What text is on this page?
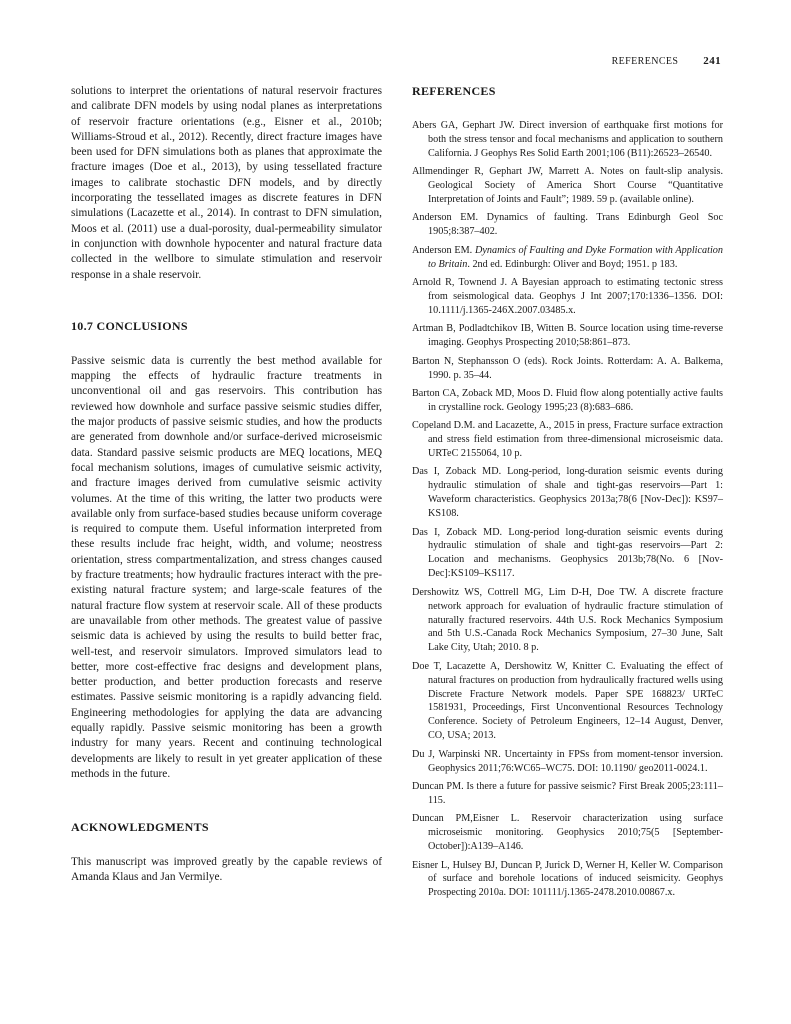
REFERENCES 241

solutions to interpret the orientations of natural reservoir fractures and calibrate DFN models by using nodal planes as interpretations of reservoir fracture orientations (e.g., Eisner et al., 2010b; Williams-Stroud et al., 2012). Recently, direct fracture images have been used for DFN simulations both as planes that approximate the fracture images (Doe et al., 2013), by using tessellated fracture images to calibrate stochastic DFN models, and by directly incorporating the tessellated images as discrete features in DFN simulations (Lacazette et al., 2014). In contrast to DFN simulation, Moos et al. (2011) use a dual-porosity, dual-permeability simulator in conjunction with downhole hypocenter and natural fracture data collected in the wellbore to simulate stimulation and reservoir response in a shale reservoir.

10.7 CONCLUSIONS

Passive seismic data is currently the best method available for mapping the effects of hydraulic fracture treatments in unconventional oil and gas reservoirs. This contribution has reviewed how downhole and surface passive seismic studies differ, the major products of passive seismic studies, and how the products are generated from downhole and/or surface-derived microseismic data. Standard passive seismic products are MEQ locations, MEQ focal mechanism solutions, images of cumulative seismic activity, and fracture images derived from cumulative seismic activity volumes. At the time of this writing, the latter two products were available only from surface-based studies because uniform coverage is required to compute them. Useful information interpreted from these results include frac height, width, and volume; neostress orientation, stress compartmentalization, and stress changes caused by fracture treatments; how hydraulic fractures interact with the pre-existing natural fracture system; and large-scale features of the natural fracture flow system at reservoir scale. All of these products are unavailable from other methods. The greatest value of passive seismic data is achieved by using the results to build better frac, well-test, and reservoir simulators. Improved simulators lead to better, more cost-effective frac designs and development plans, better production, and better production forecasts and reserve estimates. Passive seismic monitoring is a rapidly advancing field. Engineering methodologies for applying the data are advancing equally rapidly. Passive seismic monitoring has been a growth industry for many years. Recent and continuing technological developments are likely to result in yet greater application of these methods in the future.

ACKNOWLEDGMENTS

This manuscript was improved greatly by the capable reviews of Amanda Klaus and Jan Vermilye.

REFERENCES
Abers GA, Gephart JW. Direct inversion of earthquake first motions for both the stress tensor and focal mechanisms and application to southern California. J Geophys Res Solid Earth 2001;106 (B11):26523–26540.
Allmendinger R, Gephart JW, Marrett A. Notes on fault-slip analysis. Geological Society of America Short Course “Quantitative Interpretation of Joints and Fault”; 1989. 59 p. (available online).
Anderson EM. Dynamics of faulting. Trans Edinburgh Geol Soc 1905;8:387–402.
Anderson EM. Dynamics of Faulting and Dyke Formation with Application to Britain. 2nd ed. Edinburgh: Oliver and Boyd; 1951. p 183.
Arnold R, Townend J. A Bayesian approach to estimating tectonic stress from seismological data. Geophys J Int 2007;170:1336–1356. DOI: 10.1111/j.1365-246X.2007.03485.x.
Artman B, Podladtchikov IB, Witten B. Source location using time-reverse imaging. Geophys Prospecting 2010;58:861–873.
Barton N, Stephansson O (eds). Rock Joints. Rotterdam: A. A. Balkema, 1990. p. 35–44.
Barton CA, Zoback MD, Moos D. Fluid flow along potentially active faults in crystalline rock. Geology 1995;23 (8):683–686.
Copeland D.M. and Lacazette, A., 2015 in press, Fracture surface extraction and stress field estimation from three-dimensional microseismic data. URTeC 2155064, 10 p.
Das I, Zoback MD. Long-period, long-duration seismic events during hydraulic stimulation of shale and tight-gas reservoirs—Part 1: Waveform characteristics. Geophysics 2013a;78(6 [Nov-Dec]): KS97–KS108.
Das I, Zoback MD. Long-period long-duration seismic events during hydraulic stimulation of shale and tight-gas reservoirs—Part 2: Location and mechanisms. Geophysics 2013b;78(No. 6 [Nov-Dec]:KS109–KS117.
Dershowitz WS, Cottrell MG, Lim D-H, Doe TW. A discrete fracture network approach for evaluation of hydraulic fracture stimulation of naturally fractured reservoirs. 44th U.S. Rock Mechanics Symposium and 5th U.S.-Canada Rock Mechanics Symposium, 27–30 June, Salt Lake City, Utah; 2010. 8 p.
Doe T, Lacazette A, Dershowitz W, Knitter C. Evaluating the effect of natural fractures on production from hydraulically fractured wells using Discrete Fracture Network models. Paper SPE 168823/ URTeC 1581931, Proceedings, First Unconventional Resources Technology Conference. Society of Petroleum Engineers, 12–14 August, Denver, CO, USA; 2013.
Du J, Warpinski NR. Uncertainty in FPSs from moment-tensor inversion. Geophysics 2011;76:WC65–WC75. DOI: 10.1190/ geo2011-0024.1.
Duncan PM. Is there a future for passive seismic? First Break 2005;23:111–115.
Duncan PM,Eisner L. Reservoir characterization using surface microseismic monitoring. Geophysics 2010;75(5 [September-October]):A139–A146.
Eisner L, Hulsey BJ, Duncan P, Jurick D, Werner H, Keller W. Comparison of surface and borehole locations of induced seismicity. Geophys Prospecting 2010a. DOI: 101111/j.1365-2478.2010.00867.x.
